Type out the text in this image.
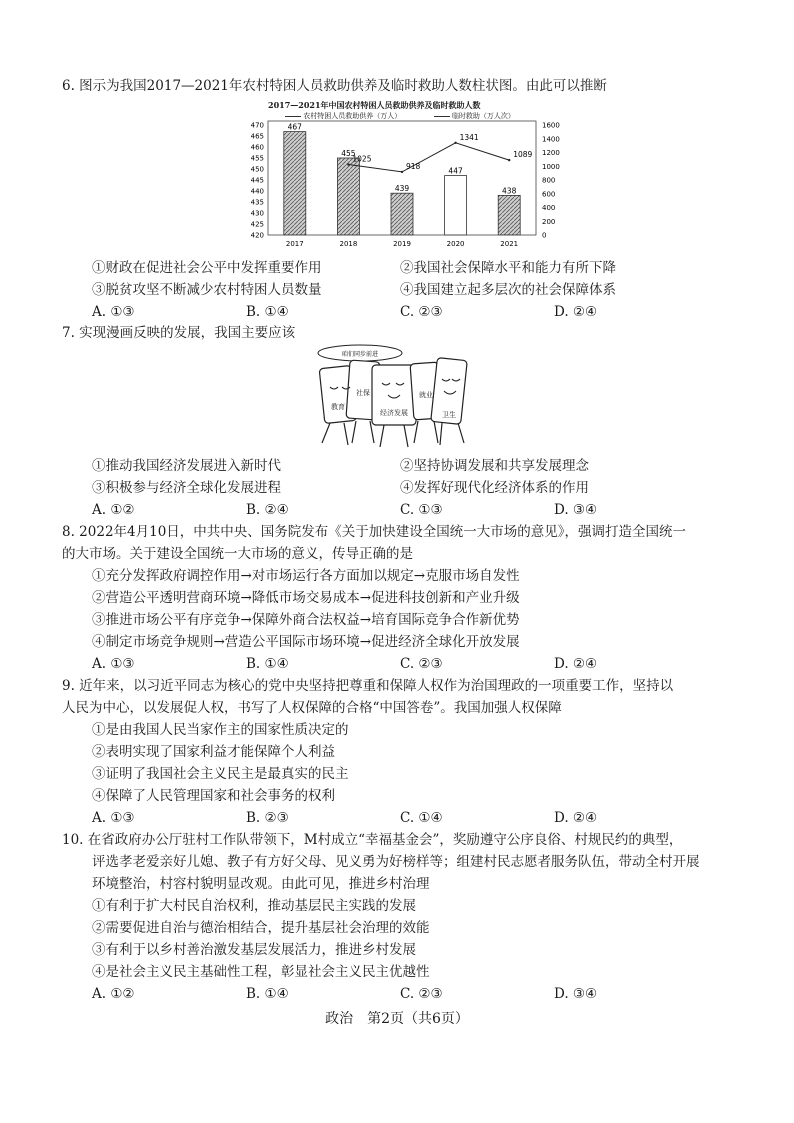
6. 图示为我国2017—2021年农村特困人员救助供养及临时救助人数柱状图。由此可以推断
2017—2021年中国农村特困人员救助供养及临时救助人数
农村特困人员救助供养（万人）	临时救助（万人次）
470
465
460
455
450
445
440
435
430
425
420
1600
1400
1200
1000
800
600
400
200
0
467
455
439
447
438
1025
918
1341
1089
2017	2018	2019	2020	2021
①财政在促进社会公平中发挥重要作用	②我国社会保障水平和能力有所下降
③脱贫攻坚不断减少农村特困人员数量	④我国建立起多层次的社会保障体系
A. ①③	B. ①④	C. ②③	D. ②④
7. 实现漫画反映的发展，我国主要应该
咱们同步前进
教育
社保
经济发展
就业
卫生
①推动我国经济发展进入新时代	②坚持协调发展和共享发展理念
③积极参与经济全球化发展进程	④发挥好现代化经济体系的作用
A. ①②	B. ②④	C. ①③	D. ③④
8. 2022年4月10日，中共中央、国务院发布《关于加快建设全国统一大市场的意见》，强调打造全国统一
的大市场。关于建设全国统一大市场的意义，传导正确的是
①充分发挥政府调控作用→对市场运行各方面加以规定→克服市场自发性
②营造公平透明营商环境→降低市场交易成本→促进科技创新和产业升级
③推进市场公平有序竞争→保障外商合法权益→培育国际竞争合作新优势
④制定市场竞争规则→营造公平国际市场环境→促进经济全球化开放发展
A. ①③	B. ①④	C. ②③	D. ②④
9. 近年来，以习近平同志为核心的党中央坚持把尊重和保障人权作为治国理政的一项重要工作，坚持以
人民为中心，以发展促人权，书写了人权保障的合格“中国答卷”。我国加强人权保障
①是由我国人民当家作主的国家性质决定的
②表明实现了国家利益才能保障个人利益
③证明了我国社会主义民主是最真实的民主
④保障了人民管理国家和社会事务的权利
A. ①③	B. ②③	C. ①④	D. ②④
10. 在省政府办公厅驻村工作队带领下，M村成立“幸福基金会”，奖励遵守公序良俗、村规民约的典型，
评选孝老爱亲好儿媳、教子有方好父母、见义勇为好榜样等；组建村民志愿者服务队伍，带动全村开展
环境整治，村容村貌明显改观。由此可见，推进乡村治理
①有利于扩大村民自治权利，推动基层民主实践的发展
②需要促进自治与德治相结合，提升基层社会治理的效能
③有利于以乡村善治激发基层发展活力，推进乡村发展
④是社会主义民主基础性工程，彰显社会主义民主优越性
A. ①②	B. ①④	C. ②③	D. ③④
政治　第2页（共6页）
